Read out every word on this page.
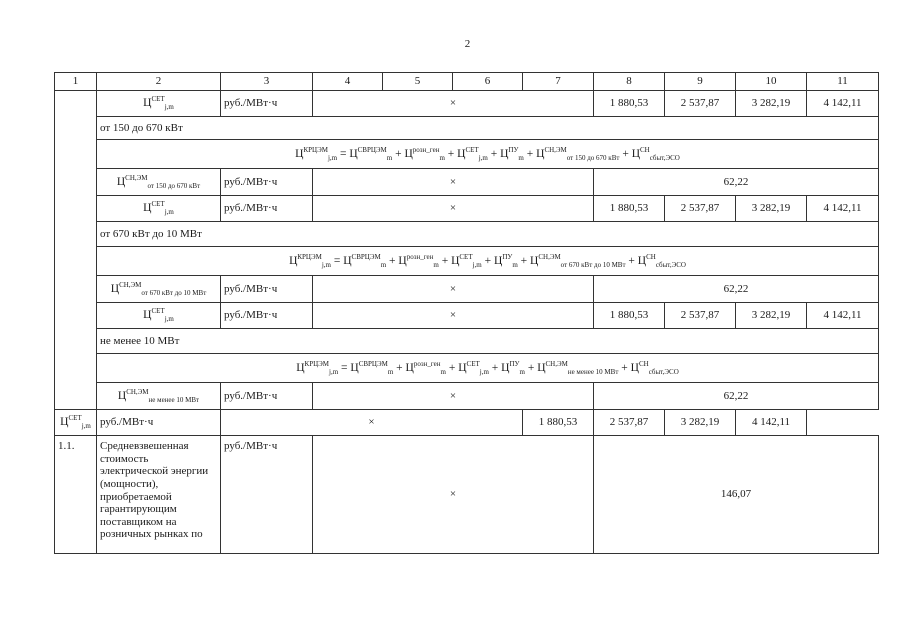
2
1	2	3	4	5	6	7	8	9	10	11
	$Ц^{СЕТ}_{j,m}$	руб./МВт·ч	×				1 880,53	2 537,87	3 282,19	4 142,11
	от 150 до 670 кВт									
	$Ц^{КРЦЭМ}_{j,m} = Ц^{СВРЦЭМ}_m + Ц^{розн\_ген}_m + Ц^{СЕТ}_{j,m} + Ц^{ПУ}_m + Ц^{СН,ЭМ}_{от 150 до 670 кВт} + Ц^{СН}_{сбыт,ЭСО}$
	$Ц^{СН,ЭМ}_{от 150 до 670 кВт}$	руб./МВт·ч	×				62,22			
	$Ц^{СЕТ}_{j,m}$	руб./МВт·ч	×				1 880,53	2 537,87	3 282,19	4 142,11
	от 670 кВт до 10 МВт									
	$Ц^{КРЦЭМ}_{j,m} = Ц^{СВРЦЭМ}_m + Ц^{розн\_ген}_m + Ц^{СЕТ}_{j,m} + Ц^{ПУ}_m + Ц^{СН,ЭМ}_{от 670 кВт до 10 МВт} + Ц^{СН}_{сбыт,ЭСО}$
	$Ц^{СН,ЭМ}_{от 670 кВт до 10 МВт}$	руб./МВт·ч	×				62,22			
	$Ц^{СЕТ}_{j,m}$	руб./МВт·ч	×				1 880,53	2 537,87	3 282,19	4 142,11
	не менее 10 МВт									
	$Ц^{КРЦЭМ}_{j,m} = Ц^{СВРЦЭМ}_m + Ц^{розн\_ген}_m + Ц^{СЕТ}_{j,m} + Ц^{ПУ}_m + Ц^{СН,ЭМ}_{не менее 10 МВт} + Ц^{СН}_{сбыт,ЭСО}$
	$Ц^{СН,ЭМ}_{не менее 10 МВт}$	руб./МВт·ч	×				62,22			
$Ц^{СЕТ}_{j,m}$	руб./МВт·ч	×				1 880,53	2 537,87	3 282,19	4 142,11	
1.1.	Средневзвешенная стоимость электрической энергии (мощности), приобретаемой гарантирующим поставщиком на розничных рынках по	руб./МВт·ч	×				146,07			
